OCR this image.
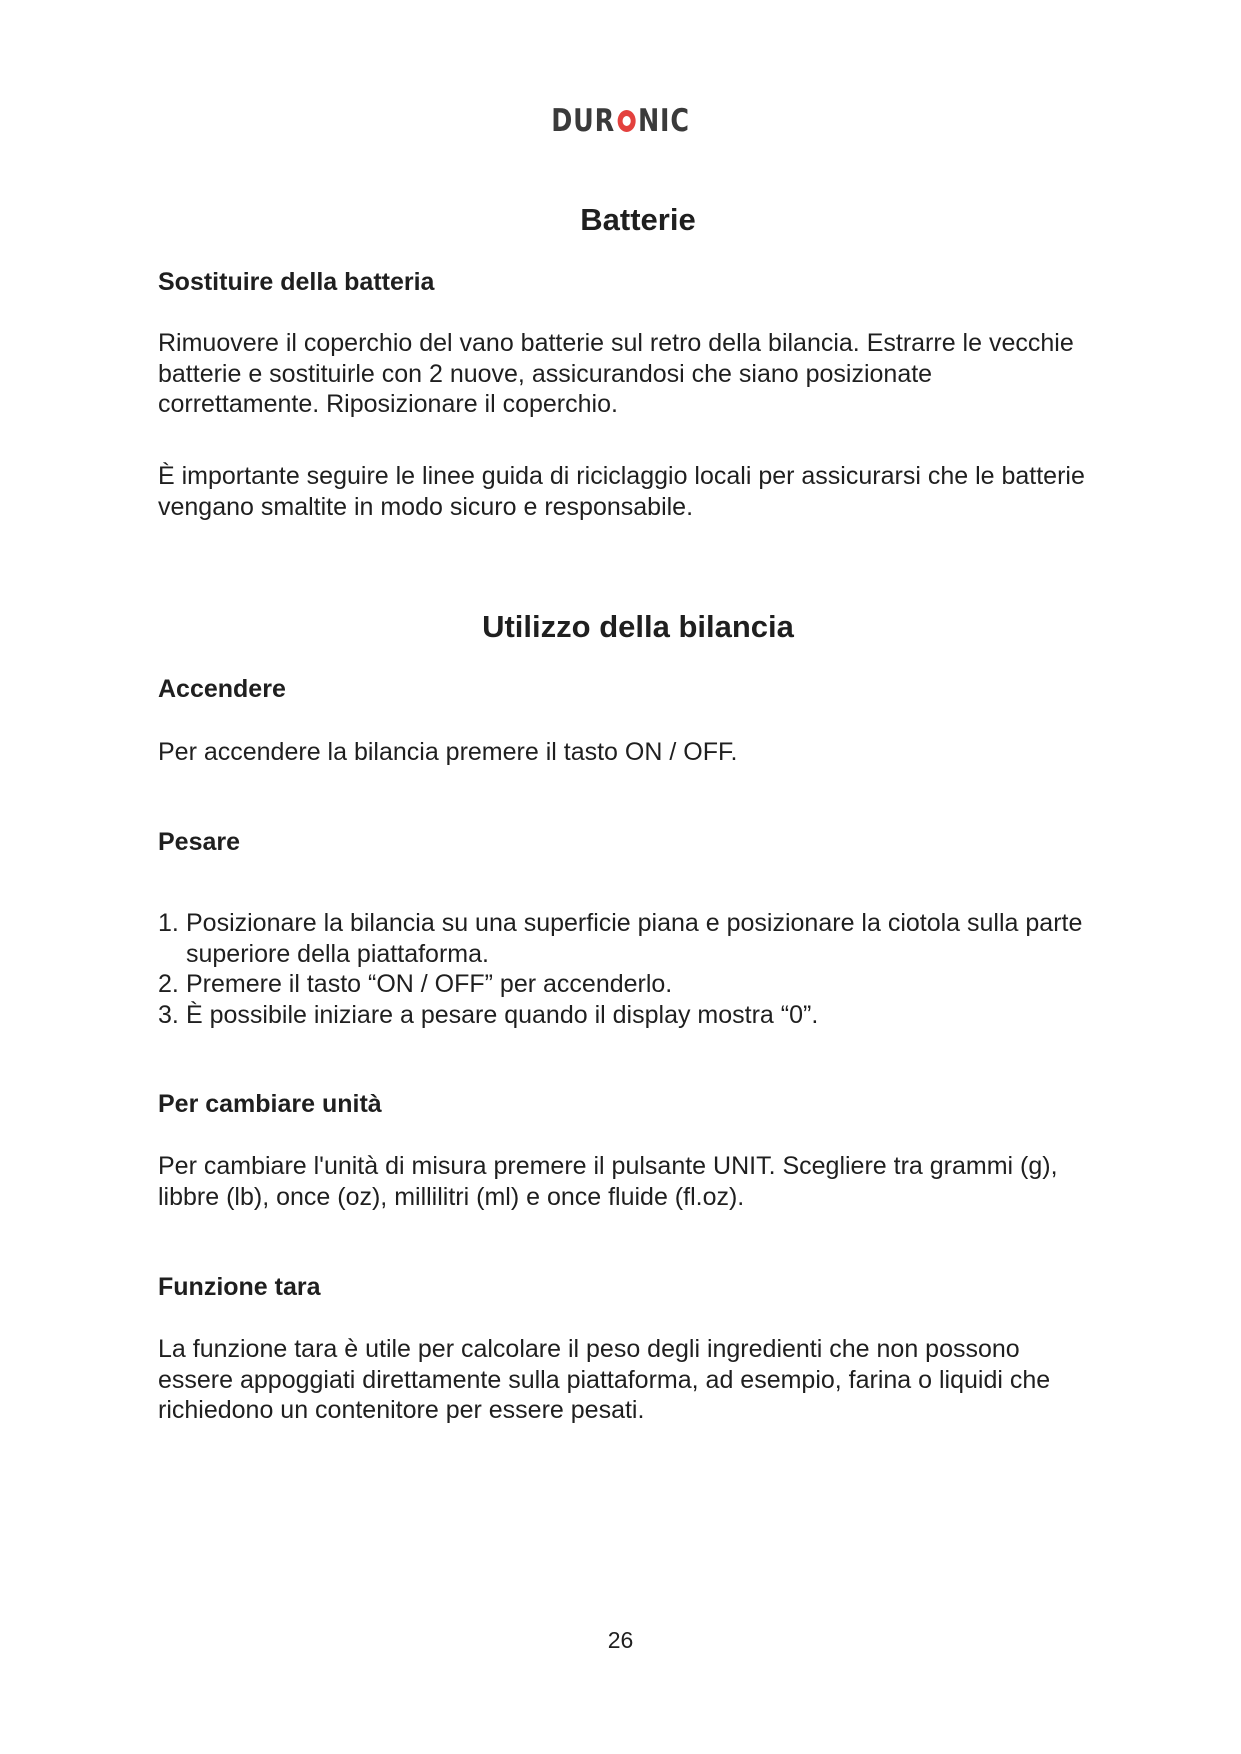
DUR NIC
Batterie
Sostituire della batteria

Rimuovere il coperchio del vano batterie sul retro della bilancia. Estrarre le vecchie batterie e sostituirle con 2 nuove, assicurandosi che siano posizionate correttamente. Riposizionare il coperchio.

È importante seguire le linee guida di riciclaggio locali per assicurarsi che le batterie vengano smaltite in modo sicuro e responsabile.

Utilizzo della bilancia
Accendere

Per accendere la bilancia premere il tasto ON / OFF.

Pesare
1. Posizionare la bilancia su una superficie piana e posizionare la ciotola sulla parte superiore della piattaforma.
2. Premere il tasto “ON / OFF” per accenderlo.
3. È possibile iniziare a pesare quando il display mostra “0”.
Per cambiare unità

Per cambiare l'unità di misura premere il pulsante UNIT. Scegliere tra grammi (g), libbre (lb), once (oz), millilitri (ml) e once fluide (fl.oz).

Funzione tara

La funzione tara è utile per calcolare il peso degli ingredienti che non possono essere appoggiati direttamente sulla piattaforma, ad esempio, farina o liquidi che richiedono un contenitore per essere pesati.

26
